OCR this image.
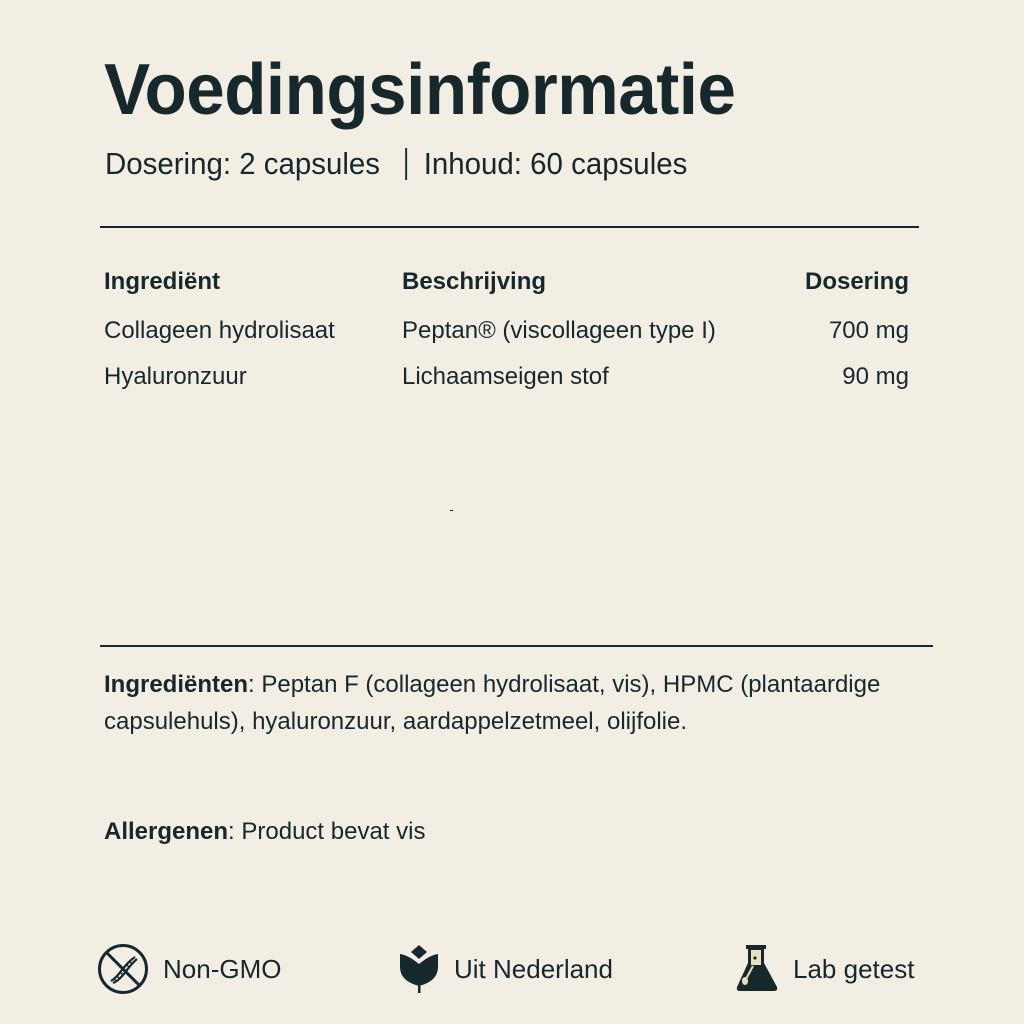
Voedingsinformatie
Dosering: 2 capsules Inhoud: 60 capsules
Ingrediënt	Beschrijving	Dosering
Collageen hydrolisaat	Peptan® (viscollageen type I)	700 mg
Hyaluronzuur	Lichaamseigen stof	90 mg
Ingrediënten: Peptan F (collageen hydrolisaat, vis), HPMC (plantaardige capsulehuls), hyaluronzuur, aardappelzetmeel, olijfolie.
Allergenen: Product bevat vis
Non-GMO	Uit Nederland	Lab getest
